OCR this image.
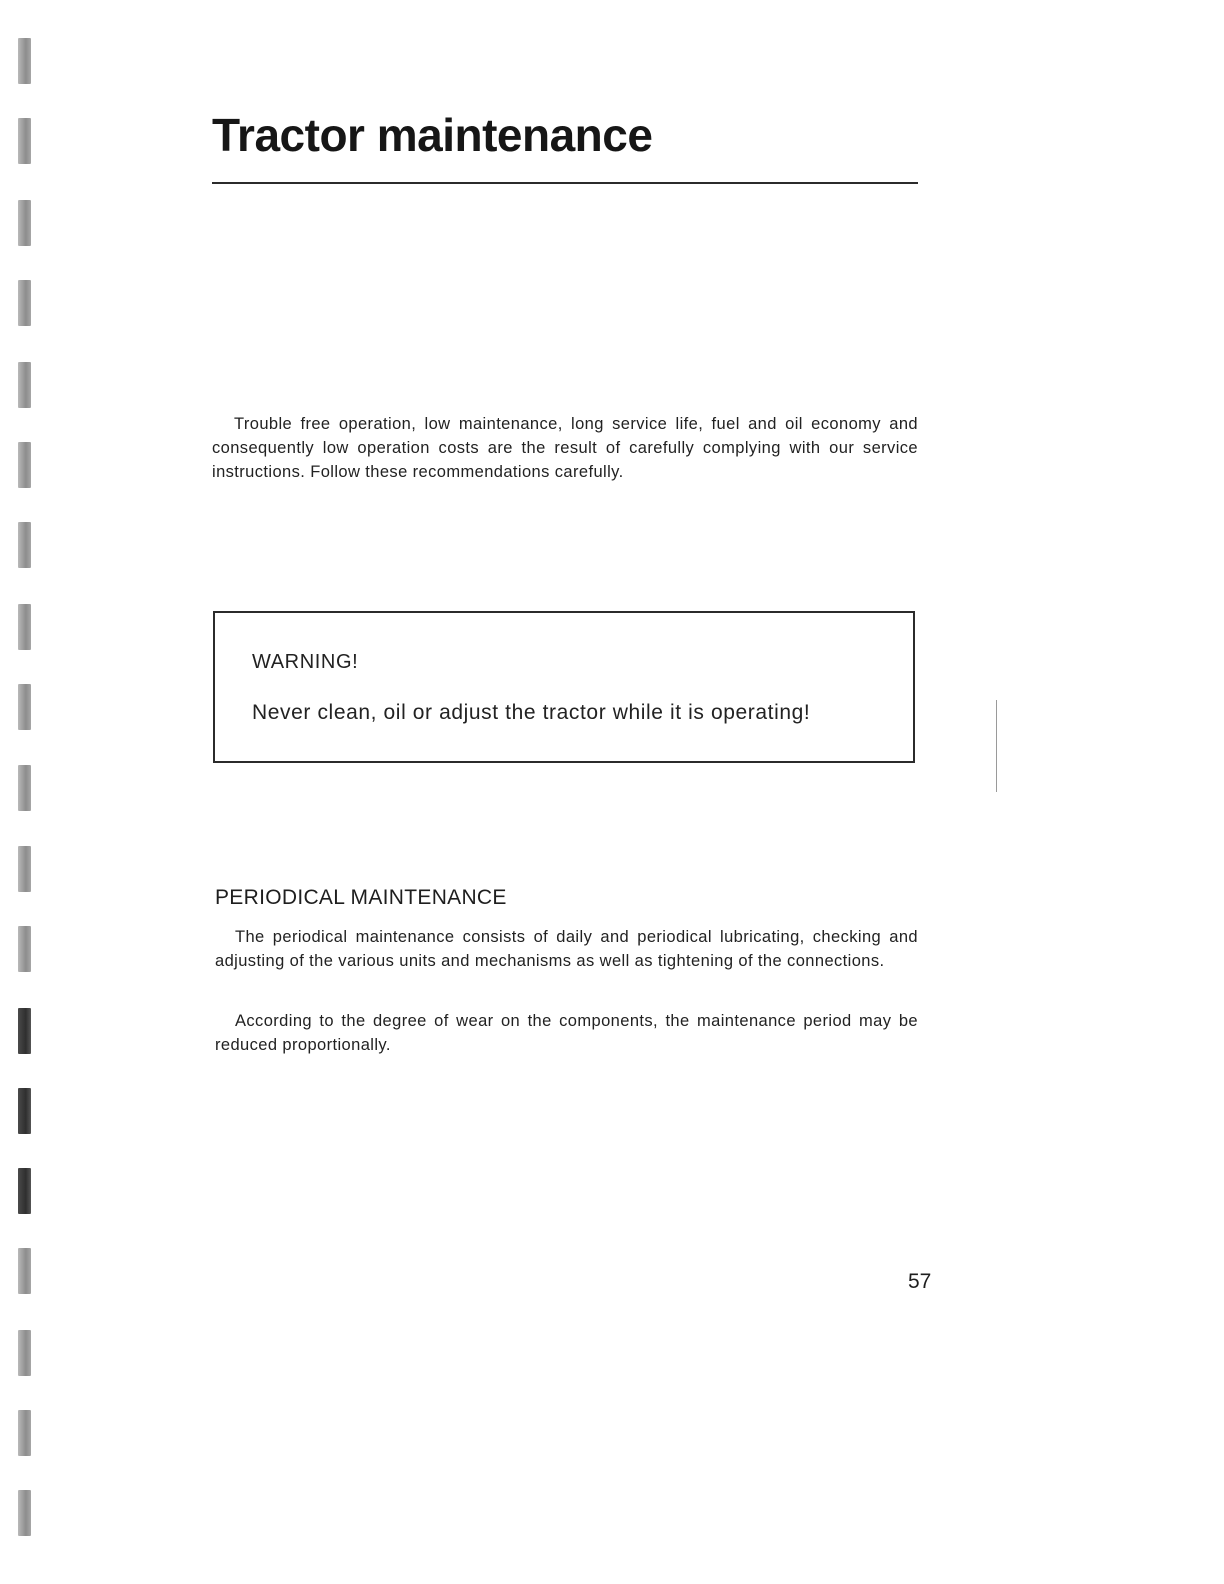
Tractor maintenance

Trouble free operation, low maintenance, long service life, fuel and oil economy and consequently low operation costs are the result of carefully complying with our service instructions. Follow these recommendations carefully.

WARNING!

Never clean, oil or adjust the tractor while it is operating!

PERIODICAL MAINTENANCE

The periodical maintenance consists of daily and periodical lubricating, checking and adjusting of the various units and mechanisms as well as tightening of the connections.

According to the degree of wear on the components, the maintenance period may be reduced proportionally.

57
